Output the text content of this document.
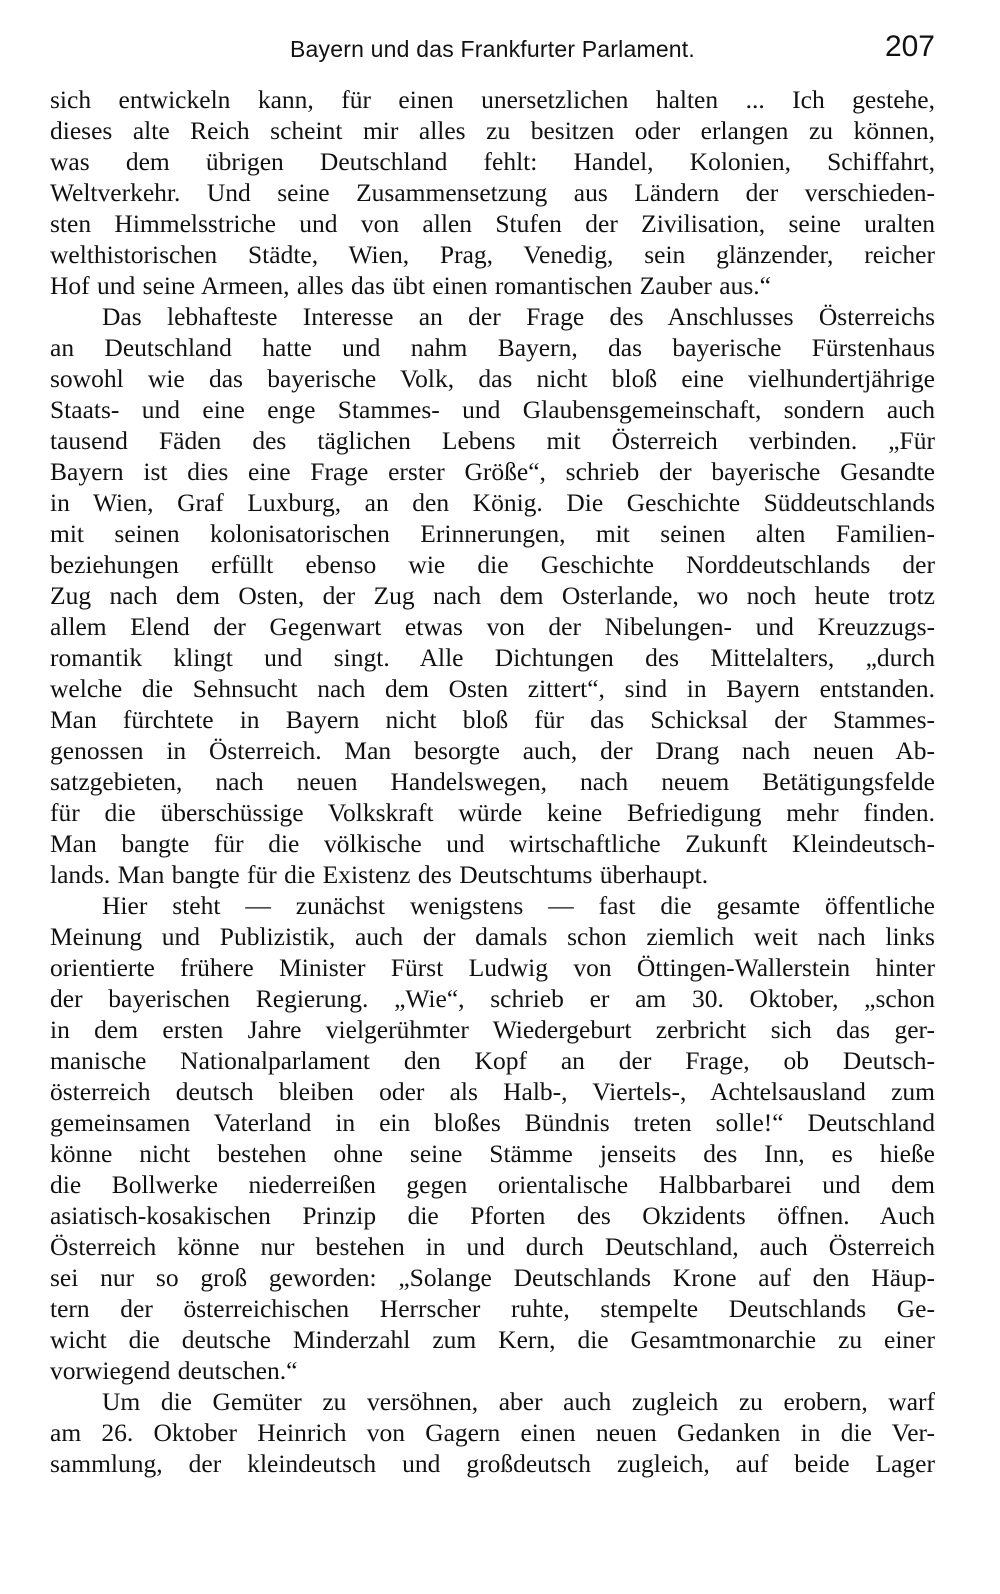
Bayern und das Frankfurter Parlament.	207
sich entwickeln kann, für einen unersetzlichen halten ... Ich gestehe,
dieses alte Reich scheint mir alles zu besitzen oder erlangen zu können,
was dem übrigen Deutschland fehlt: Handel, Kolonien, Schiffahrt,
Weltverkehr. Und seine Zusammensetzung aus Ländern der verschieden-
sten Himmelsstriche und von allen Stufen der Zivilisation, seine uralten
welthistorischen Städte, Wien, Prag, Venedig, sein glänzender, reicher
Hof und seine Armeen, alles das übt einen romantischen Zauber aus.“
Das lebhafteste Interesse an der Frage des Anschlusses Österreichs
an Deutschland hatte und nahm Bayern, das bayerische Fürstenhaus
sowohl wie das bayerische Volk, das nicht bloß eine vielhundertjährige
Staats- und eine enge Stammes- und Glaubensgemeinschaft, sondern auch
tausend Fäden des täglichen Lebens mit Österreich verbinden. „Für
Bayern ist dies eine Frage erster Größe“, schrieb der bayerische Gesandte
in Wien, Graf Luxburg, an den König. Die Geschichte Süddeutschlands
mit seinen kolonisatorischen Erinnerungen, mit seinen alten Familien-
beziehungen erfüllt ebenso wie die Geschichte Norddeutschlands der
Zug nach dem Osten, der Zug nach dem Osterlande, wo noch heute trotz
allem Elend der Gegenwart etwas von der Nibelungen- und Kreuzzugs-
romantik klingt und singt. Alle Dichtungen des Mittelalters, „durch
welche die Sehnsucht nach dem Osten zittert“, sind in Bayern entstanden.
Man fürchtete in Bayern nicht bloß für das Schicksal der Stammes-
genossen in Österreich. Man besorgte auch, der Drang nach neuen Ab-
satzgebieten, nach neuen Handelswegen, nach neuem Betätigungsfelde
für die überschüssige Volkskraft würde keine Befriedigung mehr finden.
Man bangte für die völkische und wirtschaftliche Zukunft Kleindeutsch-
lands. Man bangte für die Existenz des Deutschtums überhaupt.
Hier steht — zunächst wenigstens — fast die gesamte öffentliche
Meinung und Publizistik, auch der damals schon ziemlich weit nach links
orientierte frühere Minister Fürst Ludwig von Öttingen-Wallerstein hinter
der bayerischen Regierung. „Wie“, schrieb er am 30. Oktober, „schon
in dem ersten Jahre vielgerühmter Wiedergeburt zerbricht sich das ger-
manische Nationalparlament den Kopf an der Frage, ob Deutsch-
österreich deutsch bleiben oder als Halb-, Viertels-, Achtelsausland zum
gemeinsamen Vaterland in ein bloßes Bündnis treten solle!“ Deutschland
könne nicht bestehen ohne seine Stämme jenseits des Inn, es hieße
die Bollwerke niederreißen gegen orientalische Halbbarbarei und dem
asiatisch-kosakischen Prinzip die Pforten des Okzidents öffnen. Auch
Österreich könne nur bestehen in und durch Deutschland, auch Österreich
sei nur so groß geworden: „Solange Deutschlands Krone auf den Häup-
tern der österreichischen Herrscher ruhte, stempelte Deutschlands Ge-
wicht die deutsche Minderzahl zum Kern, die Gesamtmonarchie zu einer
vorwiegend deutschen.“
Um die Gemüter zu versöhnen, aber auch zugleich zu erobern, warf
am 26. Oktober Heinrich von Gagern einen neuen Gedanken in die Ver-
sammlung, der kleindeutsch und großdeutsch zugleich, auf beide Lager
